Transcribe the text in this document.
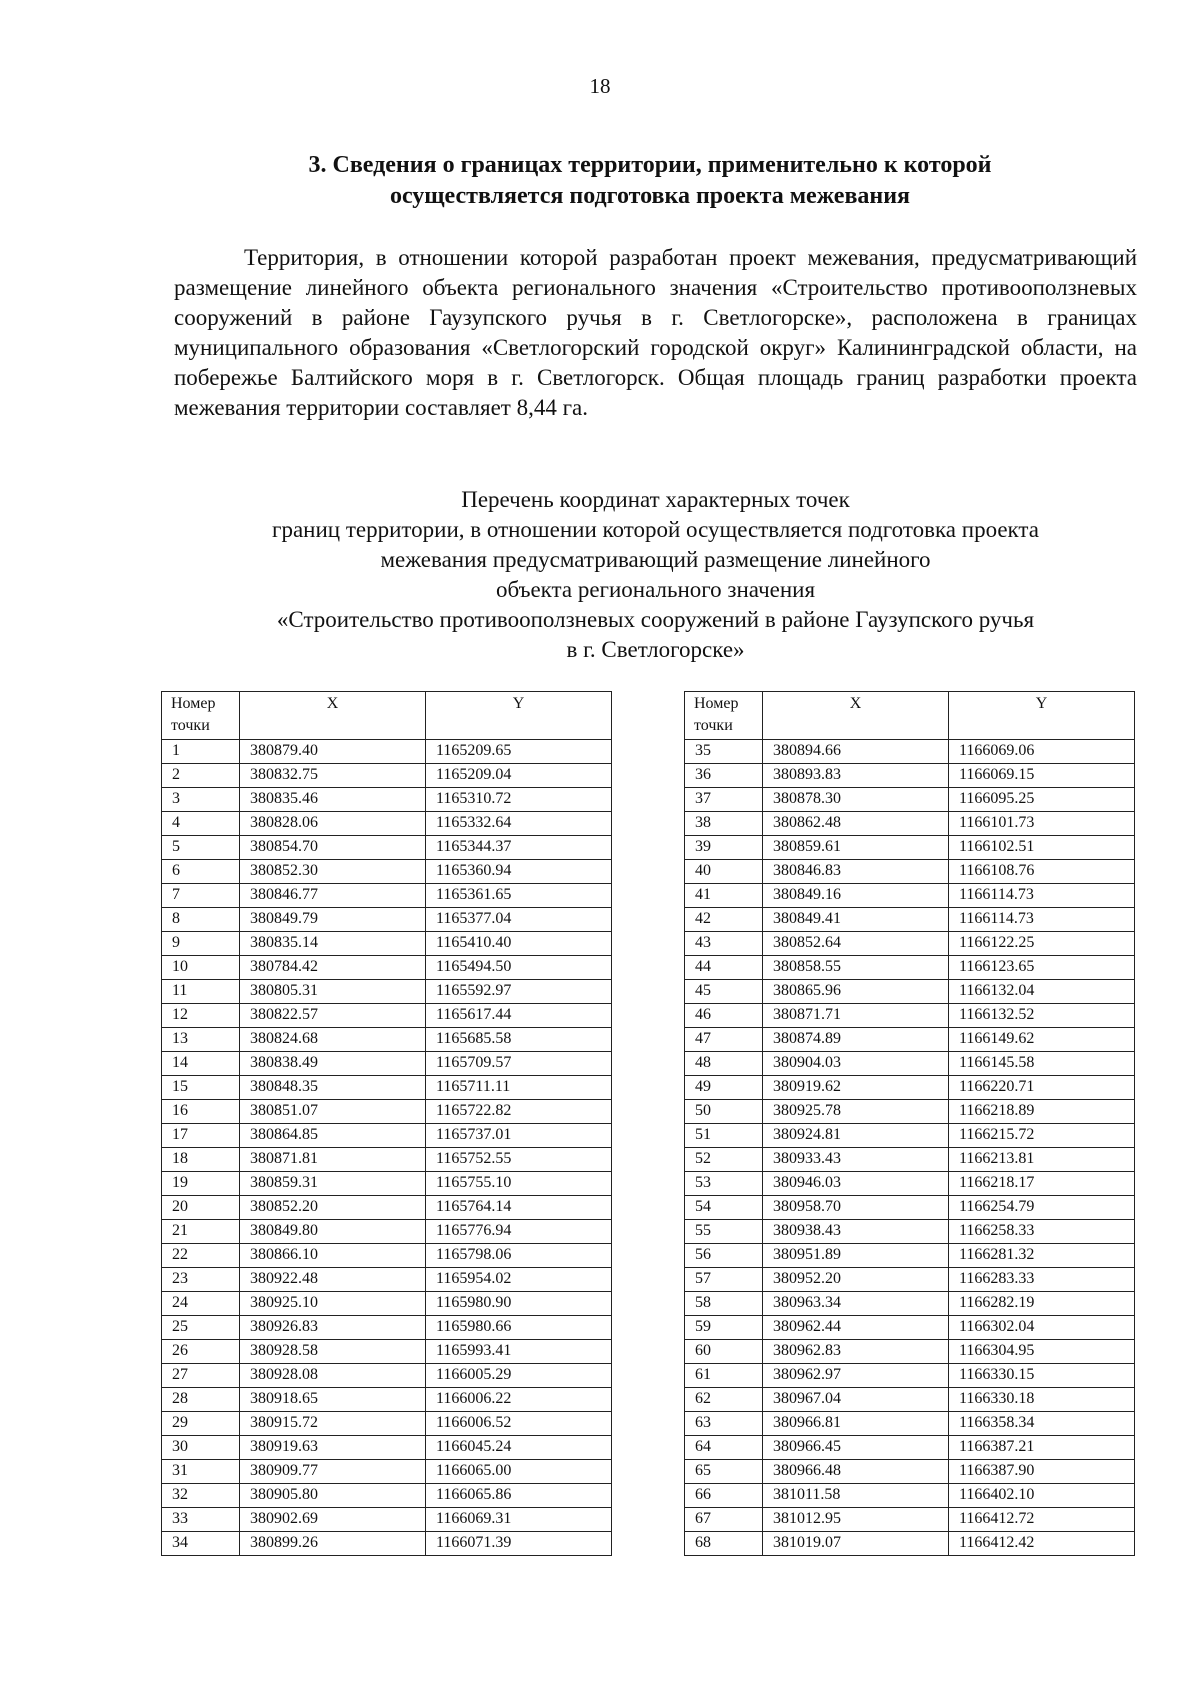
18
3. Сведения о границах территории, применительно к которой
осуществляется подготовка проекта межевания

Территория, в отношении которой разработан проект межевания, предусматривающий размещение линейного объекта регионального значения «Строительство противооползневых сооружений в районе Гаузупского ручья в г. Светлогорске», расположена в границах муниципального образования «Светлогорский городской округ» Калининградской области, на побережье Балтийского моря в г. Светлогорск. Общая площадь границ разработки проекта межевания территории составляет 8,44 га.

Перечень координат характерных точек
границ территории, в отношении которой осуществляется подготовка проекта
межевания предусматривающий размещение линейного
объекта регионального значения
«Строительство противооползневых сооружений в районе Гаузупского ручья
в г. Светлогорске»
Номер точки	X	Y
1	380879.40	1165209.65
2	380832.75	1165209.04
3	380835.46	1165310.72
4	380828.06	1165332.64
5	380854.70	1165344.37
6	380852.30	1165360.94
7	380846.77	1165361.65
8	380849.79	1165377.04
9	380835.14	1165410.40
10	380784.42	1165494.50
11	380805.31	1165592.97
12	380822.57	1165617.44
13	380824.68	1165685.58
14	380838.49	1165709.57
15	380848.35	1165711.11
16	380851.07	1165722.82
17	380864.85	1165737.01
18	380871.81	1165752.55
19	380859.31	1165755.10
20	380852.20	1165764.14
21	380849.80	1165776.94
22	380866.10	1165798.06
23	380922.48	1165954.02
24	380925.10	1165980.90
25	380926.83	1165980.66
26	380928.58	1165993.41
27	380928.08	1166005.29
28	380918.65	1166006.22
29	380915.72	1166006.52
30	380919.63	1166045.24
31	380909.77	1166065.00
32	380905.80	1166065.86
33	380902.69	1166069.31
34	380899.26	1166071.39
Номер точки	X	Y
35	380894.66	1166069.06
36	380893.83	1166069.15
37	380878.30	1166095.25
38	380862.48	1166101.73
39	380859.61	1166102.51
40	380846.83	1166108.76
41	380849.16	1166114.73
42	380849.41	1166114.73
43	380852.64	1166122.25
44	380858.55	1166123.65
45	380865.96	1166132.04
46	380871.71	1166132.52
47	380874.89	1166149.62
48	380904.03	1166145.58
49	380919.62	1166220.71
50	380925.78	1166218.89
51	380924.81	1166215.72
52	380933.43	1166213.81
53	380946.03	1166218.17
54	380958.70	1166254.79
55	380938.43	1166258.33
56	380951.89	1166281.32
57	380952.20	1166283.33
58	380963.34	1166282.19
59	380962.44	1166302.04
60	380962.83	1166304.95
61	380962.97	1166330.15
62	380967.04	1166330.18
63	380966.81	1166358.34
64	380966.45	1166387.21
65	380966.48	1166387.90
66	381011.58	1166402.10
67	381012.95	1166412.72
68	381019.07	1166412.42
